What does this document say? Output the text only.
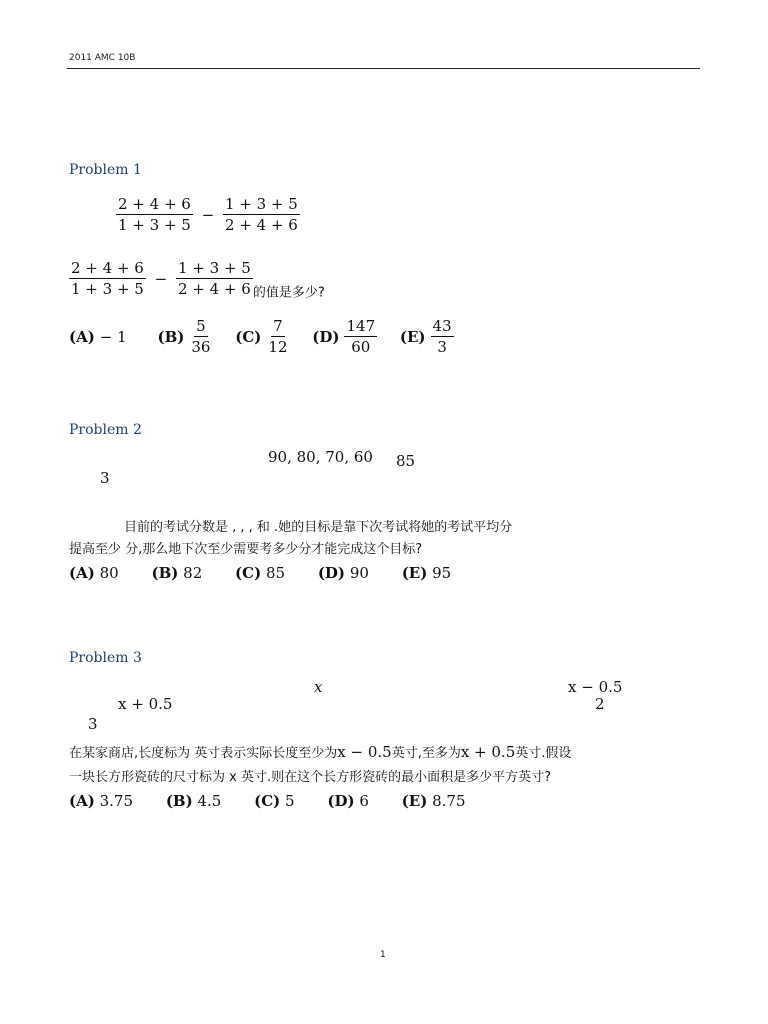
2011 AMC 10B
Problem 1
$\frac{2 + 4 + 6}{1 + 3 + 5} - \frac{1 + 3 + 5}{2 + 4 + 6}$
$\frac{2 + 4 + 6}{1 + 3 + 5} - \frac{1 + 3 + 5}{2 + 4 + 6}$ 的值是多少?
(A) − 1
$(B) \frac{5}{36}$
$(C) \frac{7}{12}$
$(D) \frac{147}{60}$
$(E) \frac{43}{3}$
Problem 2
90, 80, 70, 60 85
3
目前的考试分数是 , , , 和 .她的目标是靠下次考试将她的考试平均分
提高至少 分,那么地下次至少需要考多少分才能完成这个目标?
(A) 80 (B) 82 (C) 85 (D) 90 (E) 95
Problem 3
x	x − 0.5
2
x + 0.5
3
在某家商店,长度标为 英寸表示实际长度至少为x − 0.5英寸,至多为x + 0.5英寸.假设
一块长方形瓷砖的尺寸标为 x 英寸.则在这个长方形瓷砖的最小面积是多少平方英寸?
(A) 3.75 (B) 4.5 (C) 5 (D) 6 (E) 8.75
1
